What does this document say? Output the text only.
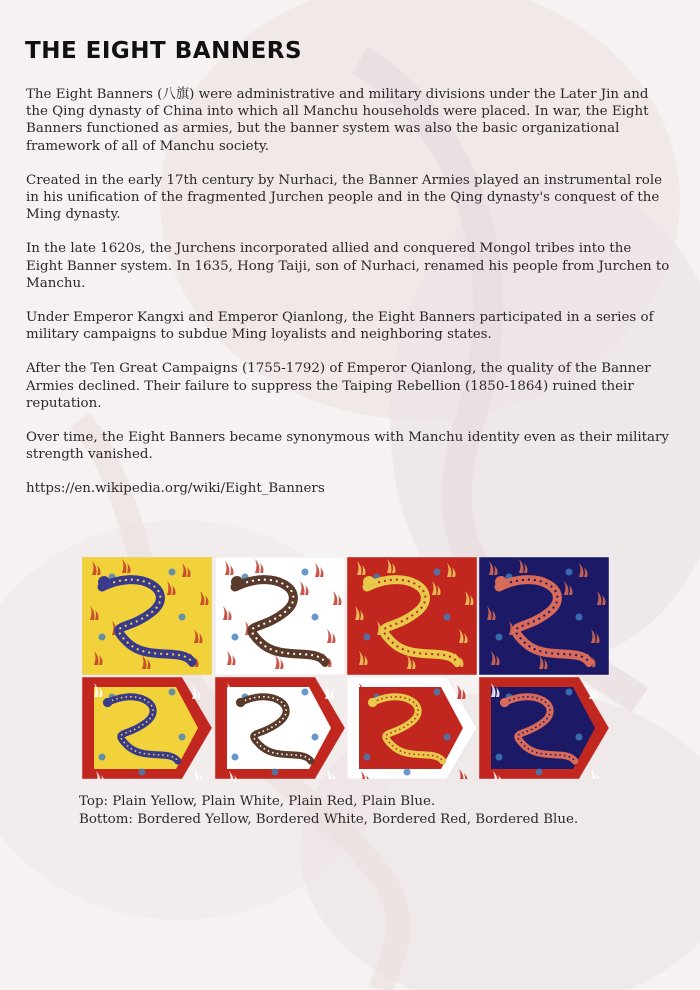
THE EIGHT BANNERS

The Eight Banners (八旗) were administrative and military divisions under the Later Jin and the Qing dynasty of China into which all Manchu households were placed. In war, the Eight Banners functioned as armies, but the banner system was also the basic organizational framework of all of Manchu society.

Created in the early 17th century by Nurhaci, the Banner Armies played an instrumental role in his unification of the fragmented Jurchen people and in the Qing dynasty's conquest of the Ming dynasty.

In the late 1620s, the Jurchens incorporated allied and conquered Mongol tribes into the Eight Banner system. In 1635, Hong Taiji, son of Nurhaci, renamed his people from Jurchen to Manchu.

Under Emperor Kangxi and Emperor Qianlong, the Eight Banners participated in a series of military campaigns to subdue Ming loyalists and neighboring states.

After the Ten Great Campaigns (1755-1792) of Emperor Qianlong, the quality of the Banner Armies declined. Their failure to suppress the Taiping Rebellion (1850-1864) ruined their reputation.

Over time, the Eight Banners became synonymous with Manchu identity even as their military strength vanished.

https://en.wikipedia.org/wiki/Eight_Banners

Top: Plain Yellow, Plain White, Plain Red, Plain Blue.
Bottom: Bordered Yellow, Bordered White, Bordered Red, Bordered Blue.
